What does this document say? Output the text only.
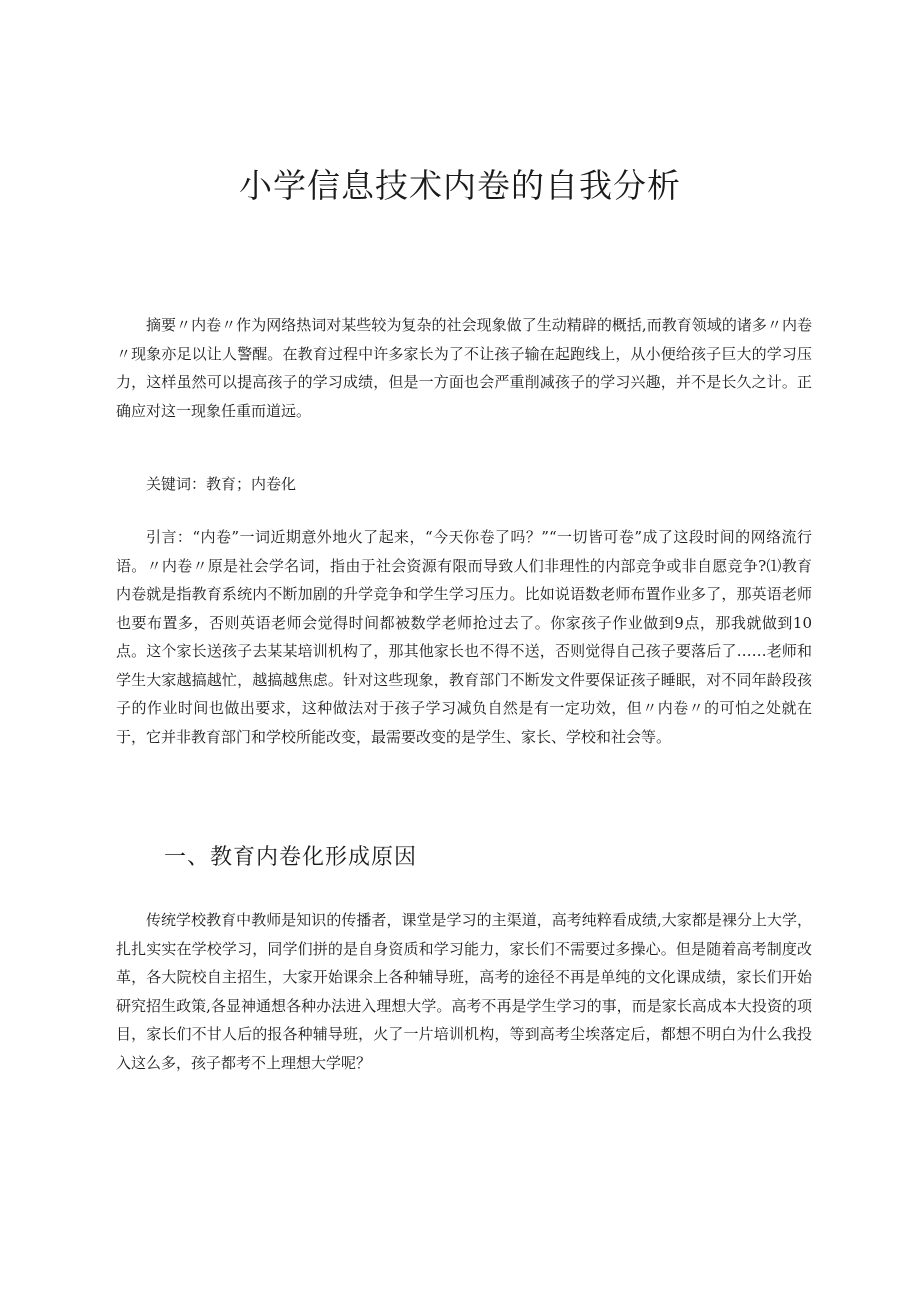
小学信息技术内卷的自我分析

摘要〃内卷〃作为网络热词对某些较为复杂的社会现象做了生动精辟的概括,而教育领域的诸多〃内卷〃现象亦足以让人警醒。在教育过程中许多家长为了不让孩子输在起跑线上，从小便给孩子巨大的学习压力，这样虽然可以提高孩子的学习成绩，但是一方面也会严重削减孩子的学习兴趣，并不是长久之计。正确应对这一现象任重而道远。

关键词：教育；内卷化

引言：“内卷”一词近期意外地火了起来，“今天你卷了吗？”“一切皆可卷”成了这段时间的网络流行语。〃内卷〃原是社会学名词，指由于社会资源有限而导致人们非理性的内部竞争或非自愿竞争?⑴教育内卷就是指教育系统内不断加剧的升学竞争和学生学习压力。比如说语数老师布置作业多了，那英语老师也要布置多，否则英语老师会觉得时间都被数学老师抢过去了。你家孩子作业做到9点，那我就做到10点。这个家长送孩子去某某培训机构了，那其他家长也不得不送，否则觉得自己孩子要落后了……老师和学生大家越搞越忙，越搞越焦虑。针对这些现象，教育部门不断发文件要保证孩子睡眠，对不同年龄段孩子的作业时间也做出要求，这种做法对于孩子学习减负自然是有一定功效，但〃内卷〃的可怕之处就在于，它并非教育部门和学校所能改变，最需要改变的是学生、家长、学校和社会等。

一、教育内卷化形成原因

传统学校教育中教师是知识的传播者，课堂是学习的主渠道，高考纯粹看成绩,大家都是裸分上大学，扎扎实实在学校学习，同学们拼的是自身资质和学习能力，家长们不需要过多操心。但是随着高考制度改革，各大院校自主招生，大家开始课余上各种辅导班，高考的途径不再是单纯的文化课成绩，家长们开始研究招生政策,各显神通想各种办法进入理想大学。高考不再是学生学习的事，而是家长高成本大投资的项目，家长们不甘人后的报各种辅导班，火了一片培训机构，等到高考尘埃落定后，都想不明白为什么我投入这么多，孩子都考不上理想大学呢？
